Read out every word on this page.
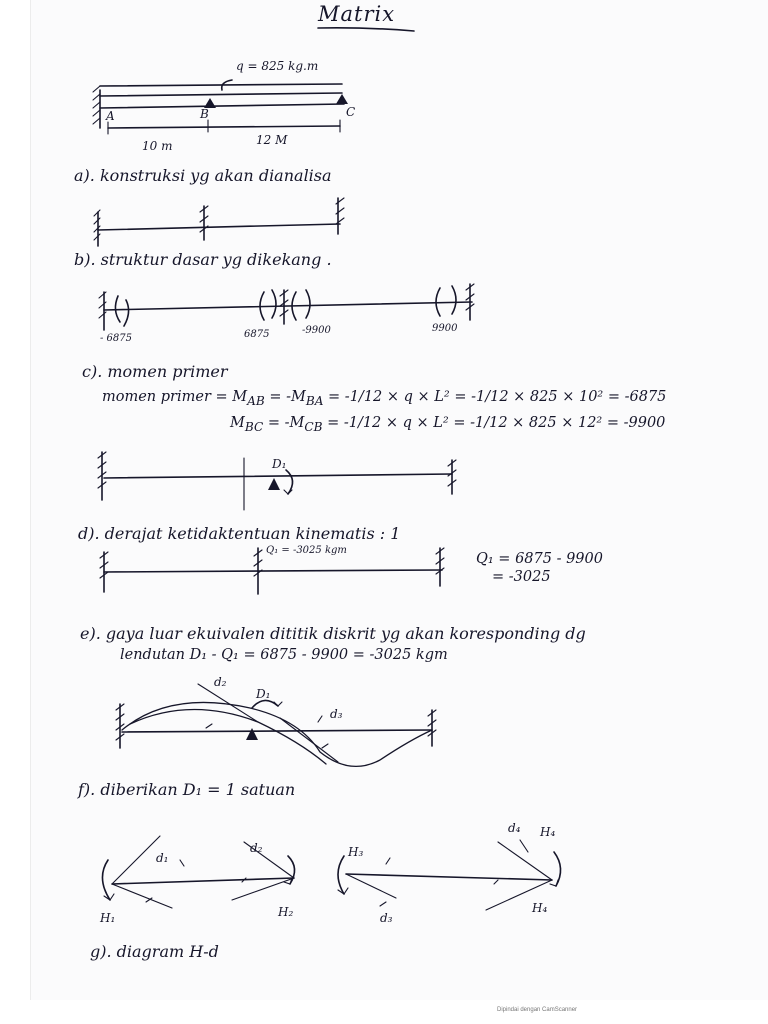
Matrix
q = 825 kg.m
A	B	C
10 m	12 M
a). konstruksi yg akan dianalisa
b). struktur dasar yg dikekang .
- 6875	6875	-9900	9900
c). momen primer
momen primer = $M_{AB} = -M_{BA} = -1/12 \times q \times L^2 = -1/12 \times 825 \times 10^2 = -6875$
$M_{BC} = -M_{CB} = -1/12 \times q \times L^2 = -1/12 \times 825 \times 12^2 = -9900$
D₁
d). derajat ketidaktentuan kinematis : 1
Q₁ = -3025 kgm
Q₁ = 6875 - 9900
= -3025
e). gaya luar ekuivalen dititik diskrit yg akan koresponding dg
lendutan D₁ - Q₁ = 6875 - 9900 = -3025 kgm
d₂
D₁
d₃
f). diberikan D₁ = 1 satuan
d₁
d₂
H₁	H₂
H₃
d₃
d₄ H₄
H₄
g). diagram H-d
Dipindai dengan CamScanner
